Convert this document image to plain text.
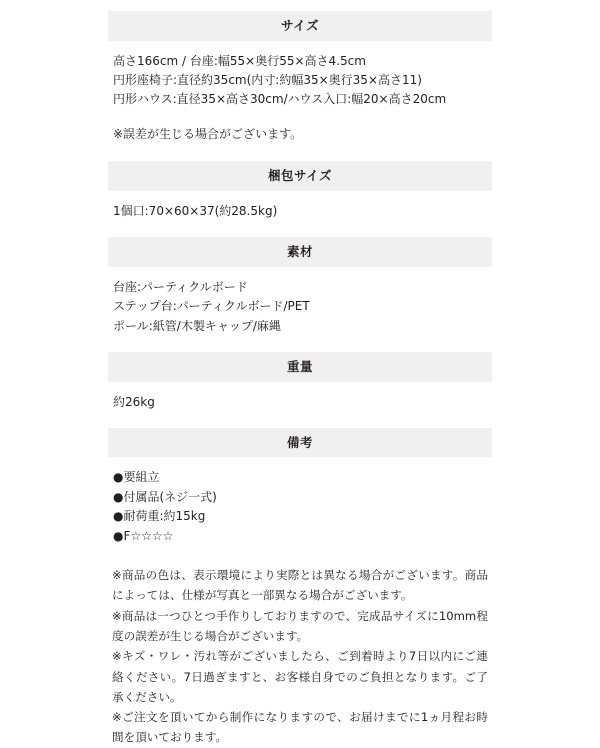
サイズ
高さ166cm / 台座:幅55×奥行55×高さ4.5cm
円形座椅子:直径約35cm(内寸:約幅35×奥行35×高さ11)
円形ハウス:直径35×高さ30cm/ハウス入口:幅20×高さ20cm
※誤差が生じる場合がございます。
梱包サイズ
1個口:70×60×37(約28.5kg)
素材
台座:パーティクルボード
ステップ台:パーティクルボード/PET
ポール:紙管/木製キャップ/麻縄
重量
約26kg
備考
●要組立
●付属品(ネジ一式)
●耐荷重:約15kg
●F☆☆☆☆

※商品の色は、表示環境により実際とは異なる場合がございます。商品によっては、仕様が写真と一部異なる場合がございます。

※商品は一つひとつ手作りしておりますので、完成品サイズに10mm程度の誤差が生じる場合がございます。

※キズ・ワレ・汚れ等がございましたら、ご到着時より7日以内にご連絡ください。7日過ぎますと、お客様自身でのご負担となります。ご了承ください。

※ご注文を頂いてから制作になりますので、お届けまでに1ヵ月程お時間を頂いております。
